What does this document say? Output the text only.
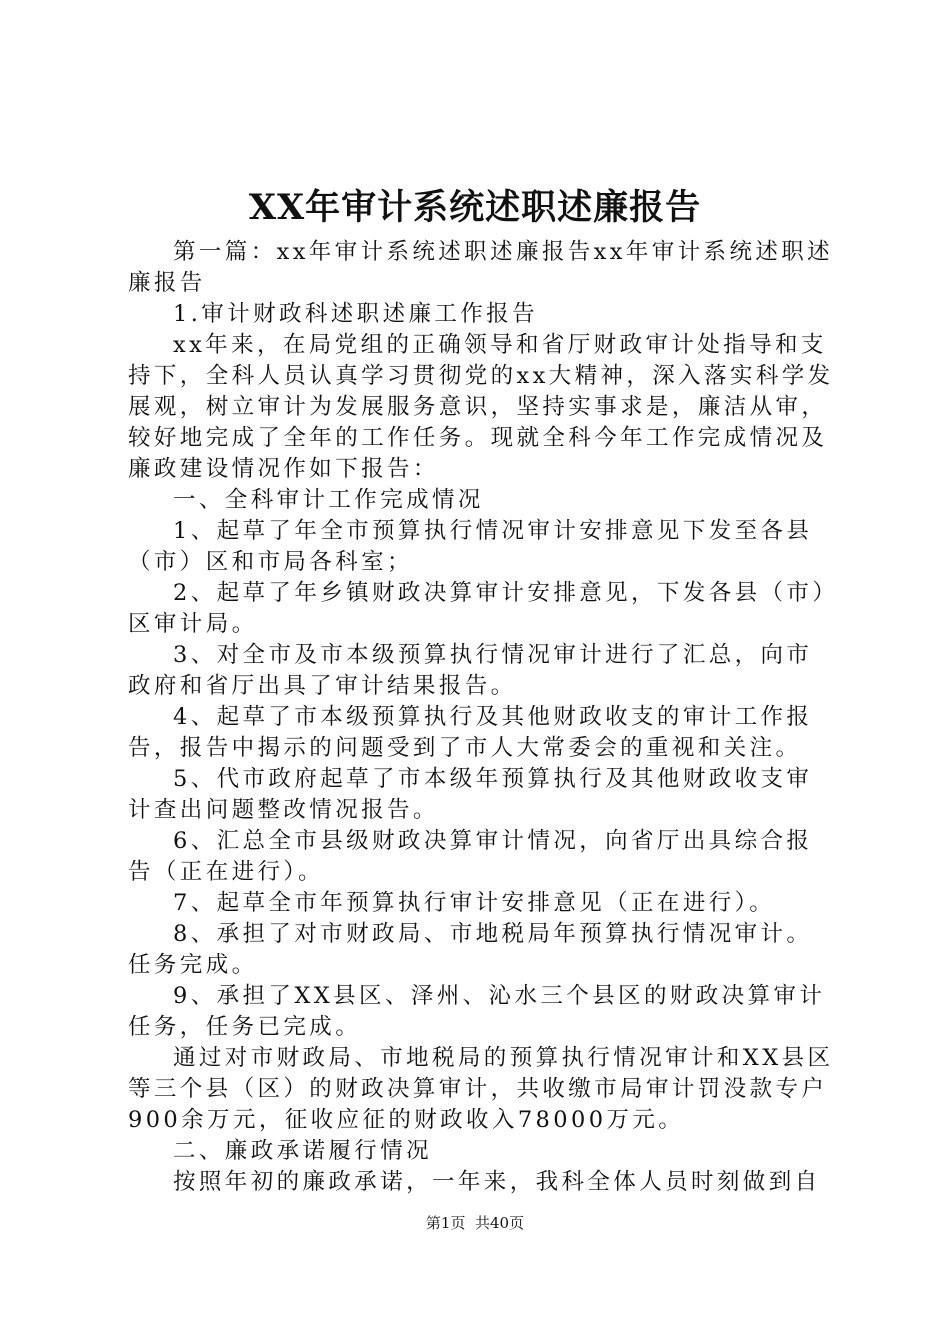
XX年审计系统述职述廉报告

第一篇：xx年审计系统述职述廉报告xx年审计系统述职述廉报告

1.审计财政科述职述廉工作报告

xx年来，在局党组的正确领导和省厅财政审计处指导和支持下，全科人员认真学习贯彻党的xx大精神，深入落实科学发展观，树立审计为发展服务意识，坚持实事求是，廉洁从审，较好地完成了全年的工作任务。现就全科今年工作完成情况及廉政建设情况作如下报告：

一、全科审计工作完成情况

1、起草了年全市预算执行情况审计安排意见下发至各县（市）区和市局各科室；

2、起草了年乡镇财政决算审计安排意见，下发各县（市）区审计局。

3、对全市及市本级预算执行情况审计进行了汇总，向市政府和省厅出具了审计结果报告。

4、起草了市本级预算执行及其他财政收支的审计工作报告，报告中揭示的问题受到了市人大常委会的重视和关注。

5、代市政府起草了市本级年预算执行及其他财政收支审计查出问题整改情况报告。

6、汇总全市县级财政决算审计情况，向省厅出具综合报告（正在进行）。

7、起草全市年预算执行审计安排意见（正在进行）。

8、承担了对市财政局、市地税局年预算执行情况审计。任务完成。

9、承担了XX县区、泽州、沁水三个县区的财政决算审计任务，任务已完成。

通过对市财政局、市地税局的预算执行情况审计和XX县区等三个县（区）的财政决算审计，共收缴市局审计罚没款专户900余万元，征收应征的财政收入78000万元。

二、廉政承诺履行情况

按照年初的廉政承诺，一年来，我科全体人员时刻做到自

第1页  共40页
